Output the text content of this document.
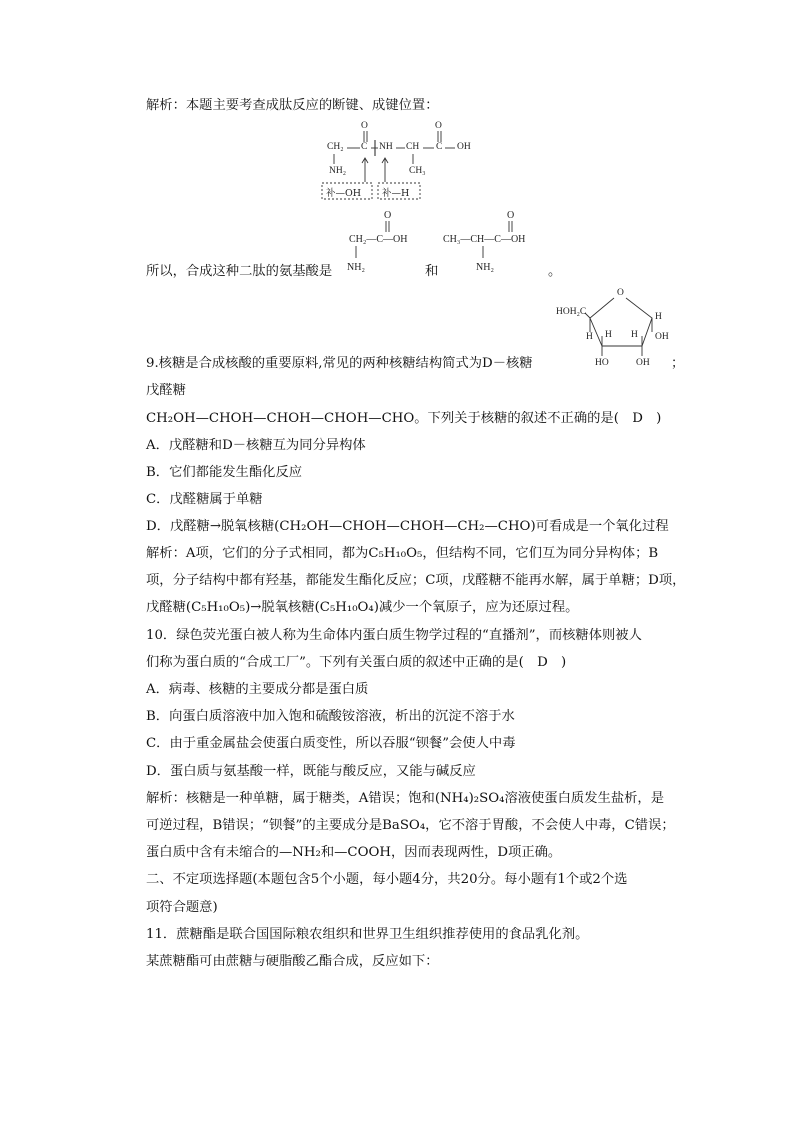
解析：本题主要考查成肽反应的断键、成键位置：
O	O
CH₂ C NH CH C OH
NH₂	CH₃
补—OH 补—H
所以，合成这种二肽的氨基酸是
O
CH₂—C—OH
NH₂	和
O
CH₃—CH—C—OH
NH₂	。
O
HOH₂C	H
H H H
HO	OH
OH
9.核糖是合成核酸的重要原料,常见的两种核糖结构简式为D－核糖	；
戊醛糖
CH₂OH—CHOH—CHOH—CHOH—CHO。下列关于核糖的叙述不正确的是(　D　)
A．戊醛糖和D－核糖互为同分异构体
B．它们都能发生酯化反应
C．戊醛糖属于单糖
D．戊醛糖→脱氧核糖(CH₂OH—CHOH—CHOH—CH₂—CHO)可看成是一个氧化过程
解析：A项，它们的分子式相同，都为C₅H₁₀O₅，但结构不同，它们互为同分异构体；B
项，分子结构中都有羟基，都能发生酯化反应；C项，戊醛糖不能再水解，属于单糖；D项，
戊醛糖(C₅H₁₀O₅)→脱氧核糖(C₅H₁₀O₄)减少一个氧原子，应为还原过程。
10．绿色荧光蛋白被人称为生命体内蛋白质生物学过程的“直播剂”，而核糖体则被人
们称为蛋白质的“合成工厂”。下列有关蛋白质的叙述中正确的是(　D　)
A．病毒、核糖的主要成分都是蛋白质
B．向蛋白质溶液中加入饱和硫酸铵溶液，析出的沉淀不溶于水
C．由于重金属盐会使蛋白质变性，所以吞服“钡餐”会使人中毒
D．蛋白质与氨基酸一样，既能与酸反应，又能与碱反应
解析：核糖是一种单糖，属于糖类，A错误；饱和(NH₄)₂SO₄溶液使蛋白质发生盐析，是
可逆过程，B错误；“钡餐”的主要成分是BaSO₄，它不溶于胃酸，不会使人中毒，C错误；
蛋白质中含有未缩合的—NH₂和—COOH，因而表现两性，D项正确。
二、不定项选择题(本题包含5个小题，每小题4分，共20分。每小题有1个或2个选
项符合题意)
11．蔗糖酯是联合国国际粮农组织和世界卫生组织推荐使用的食品乳化剂。
某蔗糖酯可由蔗糖与硬脂酸乙酯合成，反应如下：
